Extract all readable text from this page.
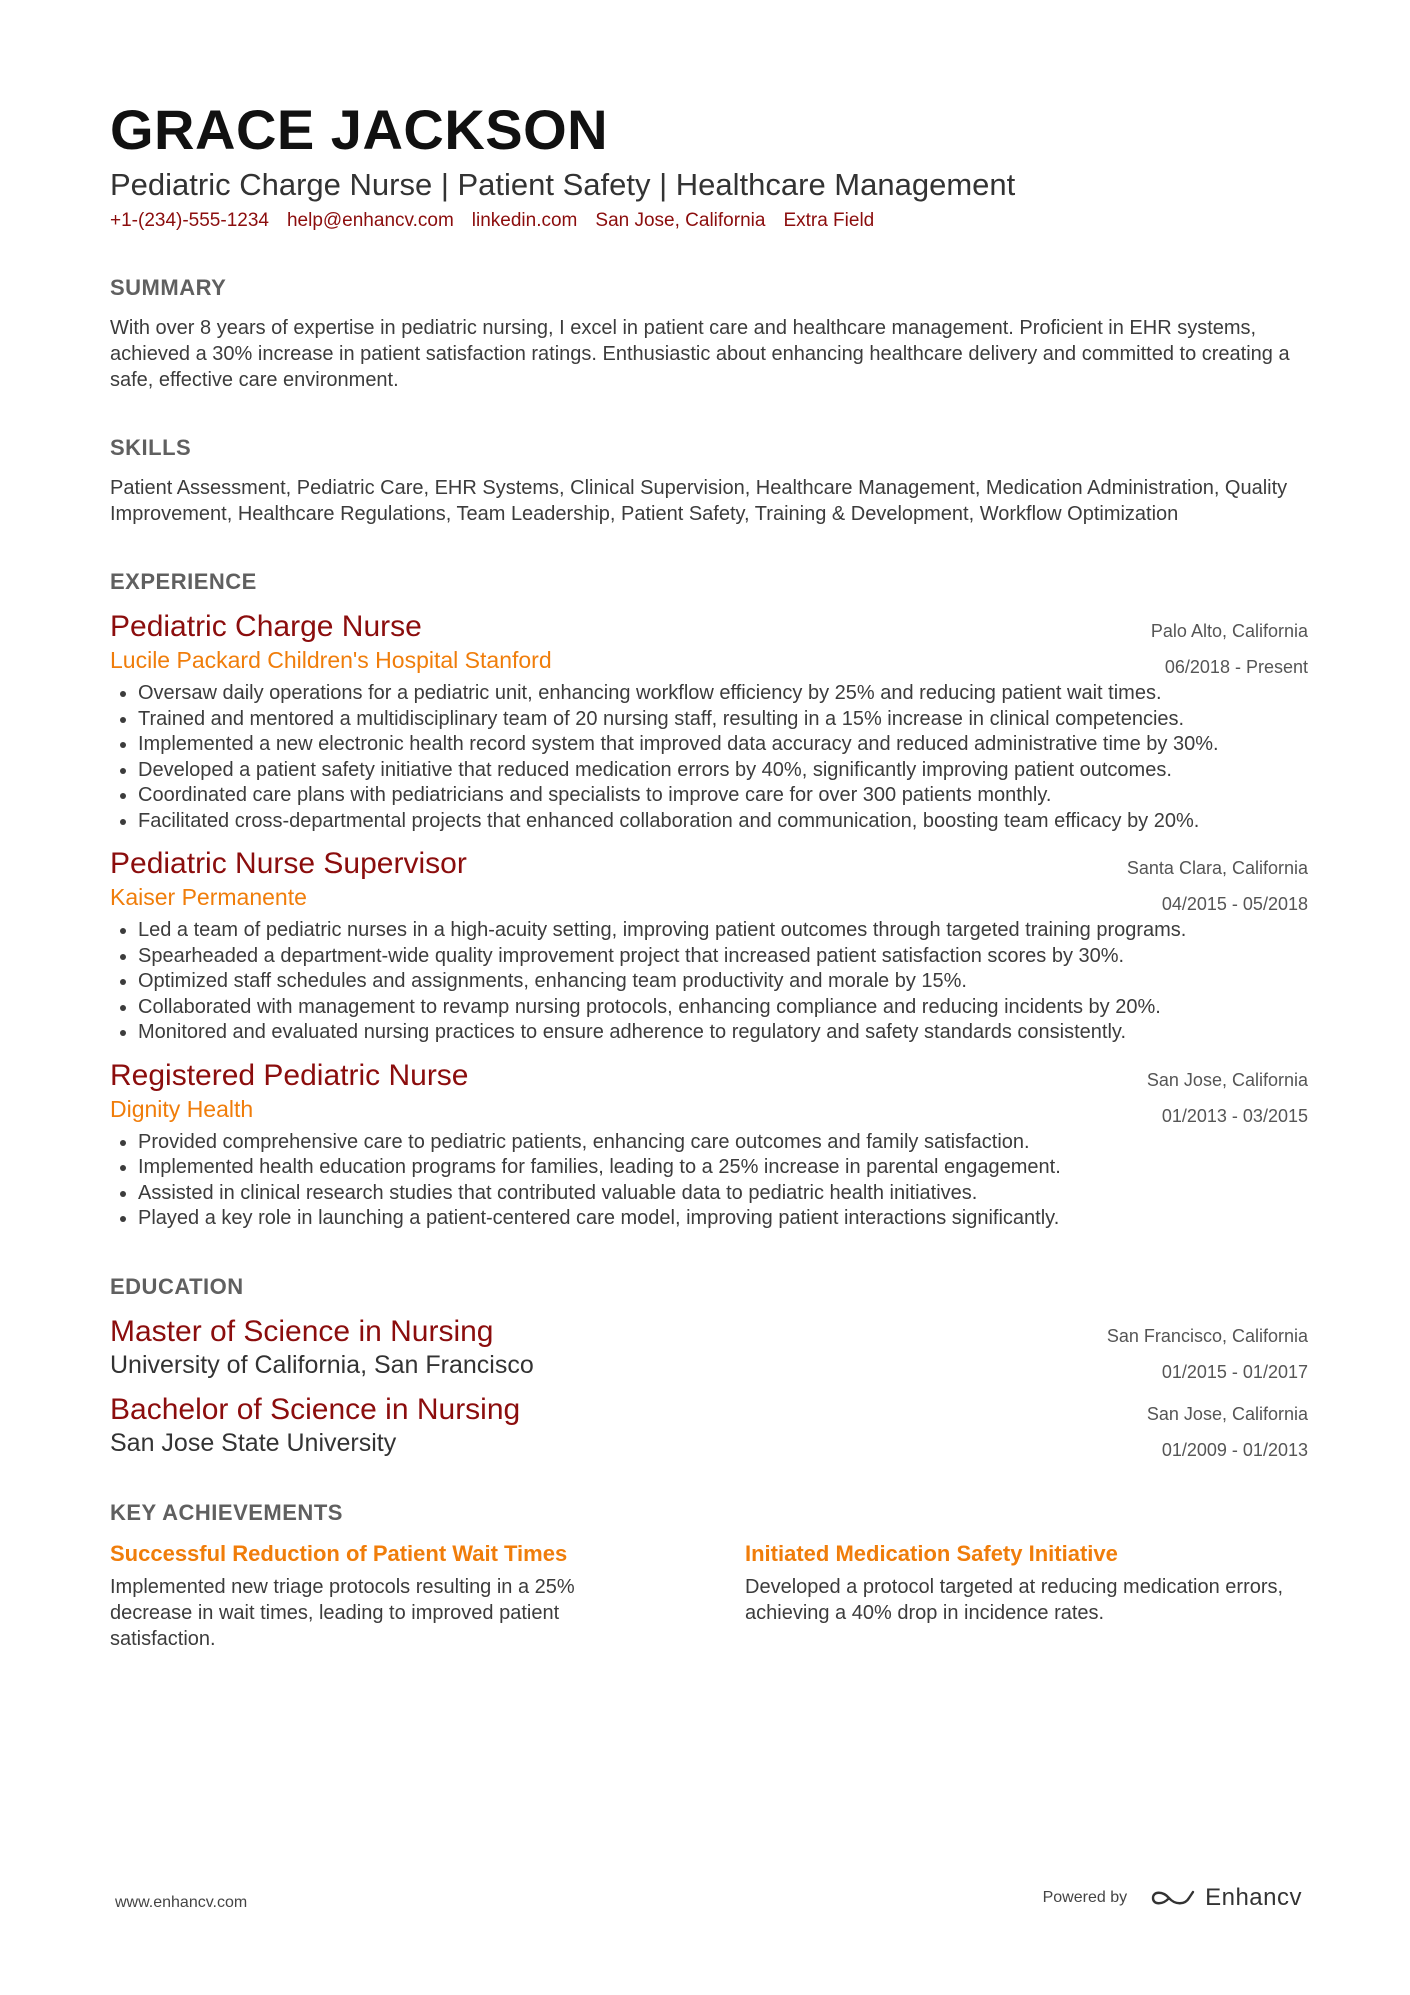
GRACE JACKSON
Pediatric Charge Nurse | Patient Safety | Healthcare Management
+1-(234)-555-1234 help@enhancv.com linkedin.com San Jose, California Extra Field
SUMMARY
With over 8 years of expertise in pediatric nursing, I excel in patient care and healthcare management. Proficient in EHR systems, achieved a 30% increase in patient satisfaction ratings. Enthusiastic about enhancing healthcare delivery and committed to creating a safe, effective care environment.
SKILLS
Patient Assessment, Pediatric Care, EHR Systems, Clinical Supervision, Healthcare Management, Medication Administration, Quality Improvement, Healthcare Regulations, Team Leadership, Patient Safety, Training & Development, Workflow Optimization
EXPERIENCE
Pediatric Charge Nurse
Lucile Packard Children's Hospital Stanford
Palo Alto, California
06/2018 - Present
• Oversaw daily operations for a pediatric unit, enhancing workflow efficiency by 25% and reducing patient wait times.
• Trained and mentored a multidisciplinary team of 20 nursing staff, resulting in a 15% increase in clinical competencies.
• Implemented a new electronic health record system that improved data accuracy and reduced administrative time by 30%.
• Developed a patient safety initiative that reduced medication errors by 40%, significantly improving patient outcomes.
• Coordinated care plans with pediatricians and specialists to improve care for over 300 patients monthly.
• Facilitated cross-departmental projects that enhanced collaboration and communication, boosting team efficacy by 20%.
Pediatric Nurse Supervisor
Kaiser Permanente
Santa Clara, California
04/2015 - 05/2018
• Led a team of pediatric nurses in a high-acuity setting, improving patient outcomes through targeted training programs.
• Spearheaded a department-wide quality improvement project that increased patient satisfaction scores by 30%.
• Optimized staff schedules and assignments, enhancing team productivity and morale by 15%.
• Collaborated with management to revamp nursing protocols, enhancing compliance and reducing incidents by 20%.
• Monitored and evaluated nursing practices to ensure adherence to regulatory and safety standards consistently.
Registered Pediatric Nurse
Dignity Health
San Jose, California
01/2013 - 03/2015
• Provided comprehensive care to pediatric patients, enhancing care outcomes and family satisfaction.
• Implemented health education programs for families, leading to a 25% increase in parental engagement.
• Assisted in clinical research studies that contributed valuable data to pediatric health initiatives.
• Played a key role in launching a patient-centered care model, improving patient interactions significantly.
EDUCATION
Master of Science in Nursing
University of California, San Francisco
San Francisco, California
01/2015 - 01/2017
Bachelor of Science in Nursing
San Jose State University
San Jose, California
01/2009 - 01/2013
KEY ACHIEVEMENTS
Successful Reduction of Patient Wait Times
Implemented new triage protocols resulting in a 25% decrease in wait times, leading to improved patient satisfaction.
Initiated Medication Safety Initiative
Developed a protocol targeted at reducing medication errors, achieving a 40% drop in incidence rates.
www.enhancv.com	Powered by	Enhancv
